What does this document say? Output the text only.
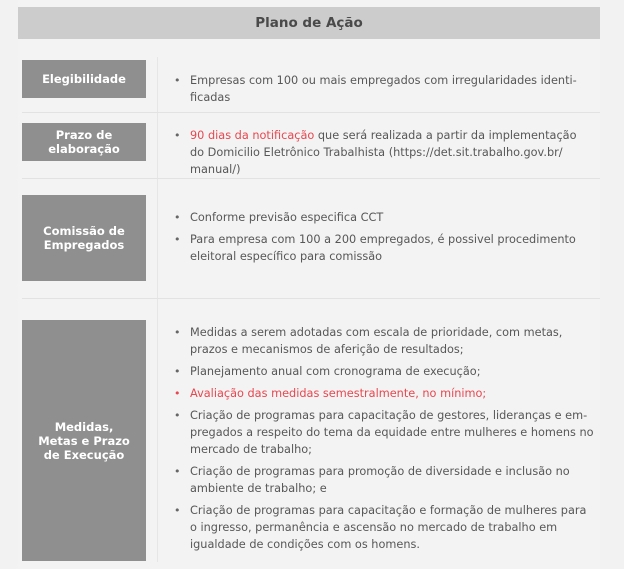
Plano de Ação
Elegibilidade	• Empresas com 100 ou mais empregados com irregularidades identi- ficadas
Prazo de elaboração
• 90 dias da notificação que será realizada a partir da implementação do Domicilio Eletrônico Trabalhista (https://det.sit.trabalho.gov.br/ manual/)
Comissão de Empregados
• Conforme previsão especifica CCT
• Para empresa com 100 a 200 empregados, é possivel procedimento eleitoral específico para comissão
Medidas, Metas e Prazo de Execução
• Medidas a serem adotadas com escala de prioridade, com metas, prazos e mecanismos de aferição de resultados;
• Planejamento anual com cronograma de execução;
• Avaliação das medidas semestralmente, no mínimo;
• Criação de programas para capacitação de gestores, lideranças e em- pregados a respeito do tema da equidade entre mulheres e homens no mercado de trabalho;
• Criação de programas para promoção de diversidade e inclusão no ambiente de trabalho; e
• Criação de programas para capacitação e formação de mulheres para o ingresso, permanência e ascensão no mercado de trabalho em igualdade de condições com os homens.
